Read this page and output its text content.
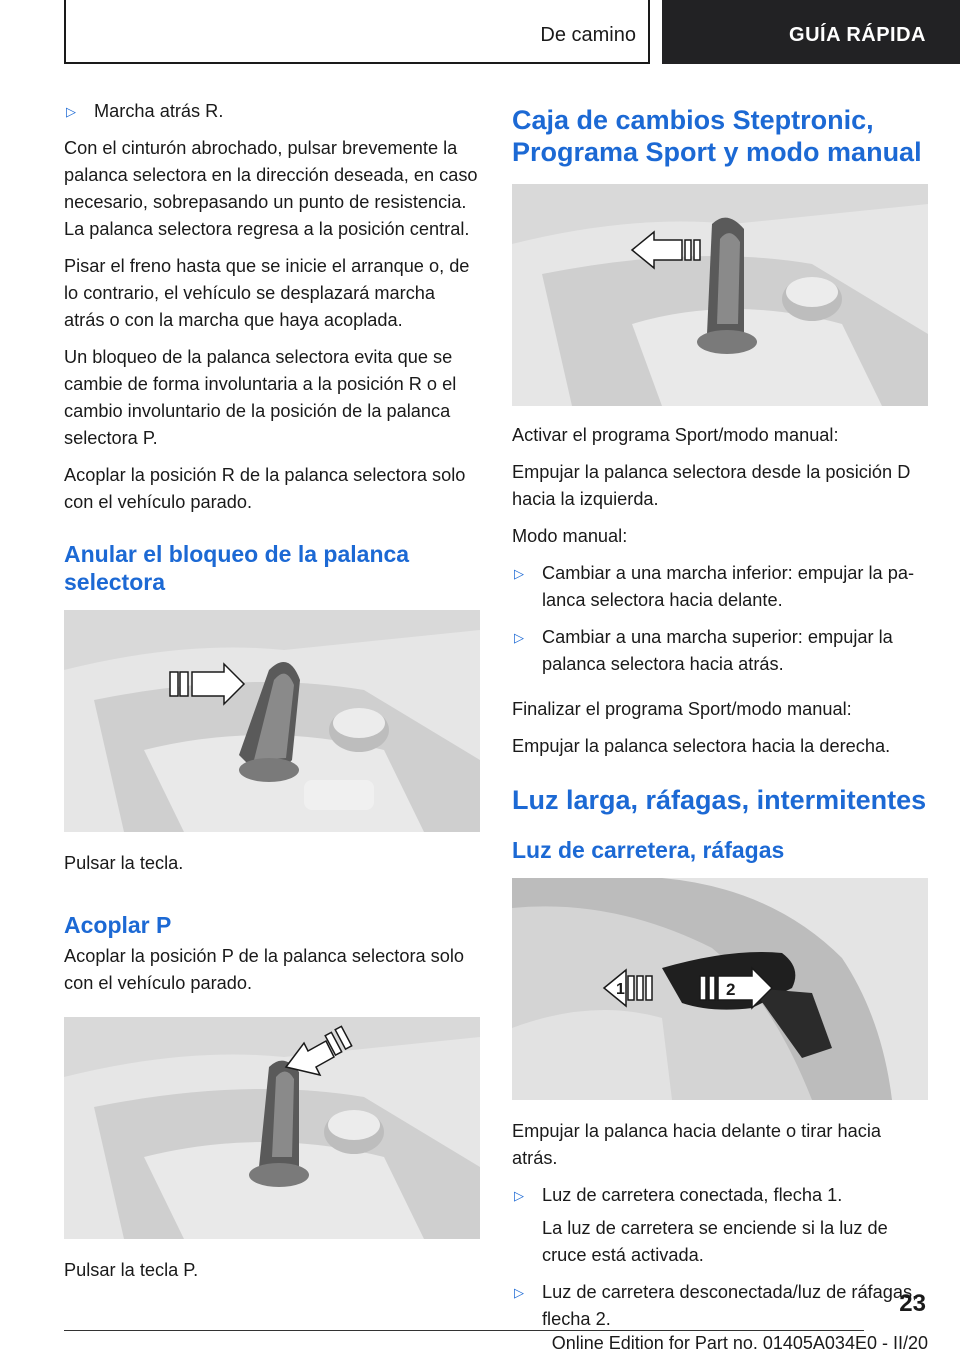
De camino	GUÍA RÁPIDA
▷ Marcha atrás R.

Con el cinturón abrochado, pulsar brevemente la palanca selectora en la dirección deseada, en caso necesario, sobrepasando un punto de resistencia. La palanca selectora regresa a la posición central.

Pisar el freno hasta que se inicie el arranque o, de lo contrario, el vehículo se desplazará marcha atrás o con la marcha que haya acoplada.

Un bloqueo de la palanca selectora evita que se cambie de forma involuntaria a la posición R o el cambio involuntario de la posición de la palanca selectora P.

Acoplar la posición R de la palanca selectora solo con el vehículo parado.

Anular el bloqueo de la palanca selectora

Pulsar la tecla.

Acoplar P

Acoplar la posición P de la palanca selectora solo con el vehículo parado.

Pulsar la tecla P.

Caja de cambios Steptronic, Programa Sport y modo manual

Activar el programa Sport/modo manual:

Empujar la palanca selectora desde la posición D hacia la izquierda.

Modo manual:

▷ Cambiar a una marcha inferior: empujar la palanca selectora hacia delante.
▷ Cambiar a una marcha superior: empujar la palanca selectora hacia atrás.

Finalizar el programa Sport/modo manual:

Empujar la palanca selectora hacia la derecha.

Luz larga, ráfagas, intermitentes
Luz de carretera, ráfagas
1	2

Empujar la palanca hacia delante o tirar hacia atrás.

▷ Luz de carretera conectada, flecha 1.
La luz de carretera se enciende si la luz de cruce está activada.
▷ Luz de carretera desconectada/luz de ráfagas, flecha 2.
23
Online Edition for Part no. 01405A034E0 - II/20
